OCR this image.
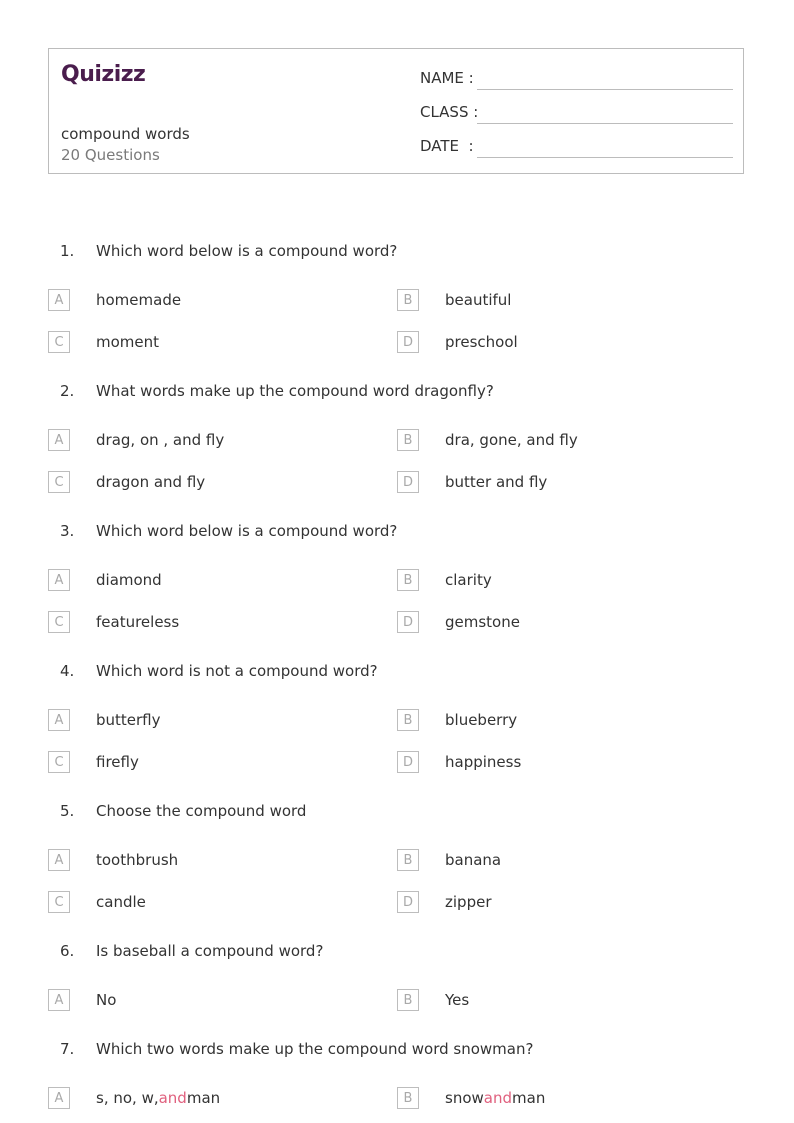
Quizizz
compound words
20 Questions
NAME :
CLASS :
DATE  :
1. Which word below is a compound word?
A	homemade	B	beautiful
C	moment	D	preschool
2. What words make up the compound word dragonfly?
A	drag, on , and fly	B	dra, gone, and fly
C	dragon and fly	D	butter and fly
3. Which word below is a compound word?
A	diamond	B	clarity
C	featureless	D	gemstone
4. Which word is not a compound word?
A	butterfly	B	blueberry
C	firefly	D	happiness
5. Choose the compound word
A	toothbrush	B	banana
C	candle	D	zipper
6. Is baseball a compound word?
A	No	B	Yes
7. Which two words make up the compound word snowman?
A	s, no, w,andman	B	snowandman
